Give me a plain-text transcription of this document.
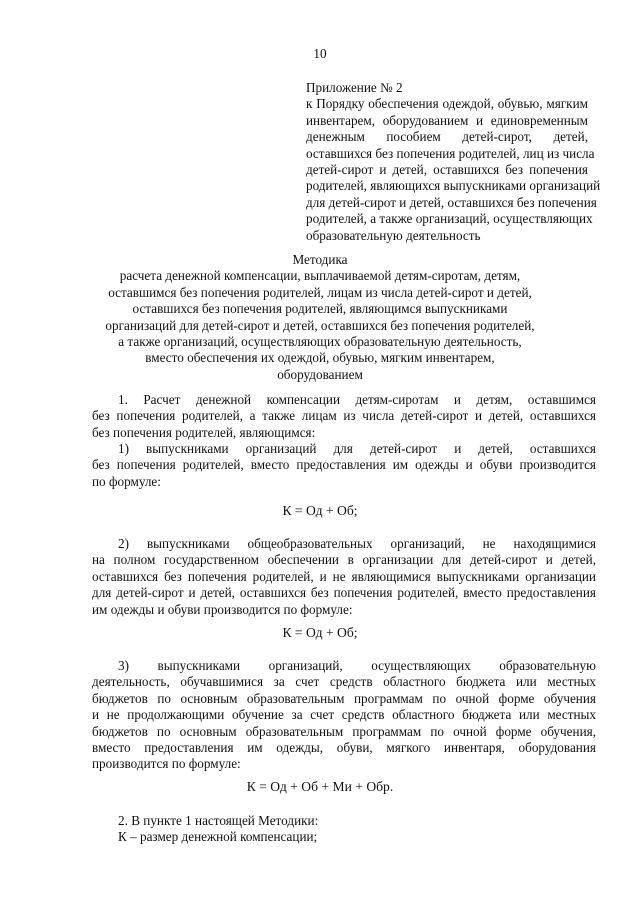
10
Приложение № 2
к Порядку обеспечения одеждой, обувью, мягким
инвентарем, оборудованием и единовременным
денежным пособием детей-сирот, детей,
оставшихся без попечения родителей, лиц из числа
детей-сирот и детей, оставшихся без попечения
родителей, являющихся выпускниками организаций
для детей-сирот и детей, оставшихся без попечения
родителей, а также организаций, осуществляющих
образовательную деятельность
Методика
расчета денежной компенсации, выплачиваемой детям-сиротам, детям,
оставшимся без попечения родителей, лицам из числа детей-сирот и детей,
оставшихся без попечения родителей, являющимся выпускниками
организаций для детей-сирот и детей, оставшихся без попечения родителей,
а также организаций, осуществляющих образовательную деятельность,
вместо обеспечения их одеждой, обувью, мягким инвентарем,
оборудованием
1. Расчет денежной компенсации детям-сиротам и детям, оставшимся
без попечения родителей, а также лицам из числа детей-сирот и детей, оставшихся
без попечения родителей, являющимся:
1) выпускниками организаций для детей-сирот и детей, оставшихся
без попечения родителей, вместо предоставления им одежды и обуви производится
по формуле:
К = Од + Об;
2) выпускниками общеобразовательных организаций, не находящимися
на полном государственном обеспечении в организации для детей-сирот и детей,
оставшихся без попечения родителей, и не являющимися выпускниками организации
для детей-сирот и детей, оставшихся без попечения родителей, вместо предоставления
им одежды и обуви производится по формуле:
К = Од + Об;
3) выпускниками организаций, осуществляющих образовательную
деятельность, обучавшимися за счет средств областного бюджета или местных
бюджетов по основным образовательным программам по очной форме обучения
и не продолжающими обучение за счет средств областного бюджета или местных
бюджетов по основным образовательным программам по очной форме обучения,
вместо предоставления им одежды, обуви, мягкого инвентаря, оборудования
производится по формуле:
К = Од + Об + Ми + Обр.
2. В пункте 1 настоящей Методики:
К – размер денежной компенсации;
